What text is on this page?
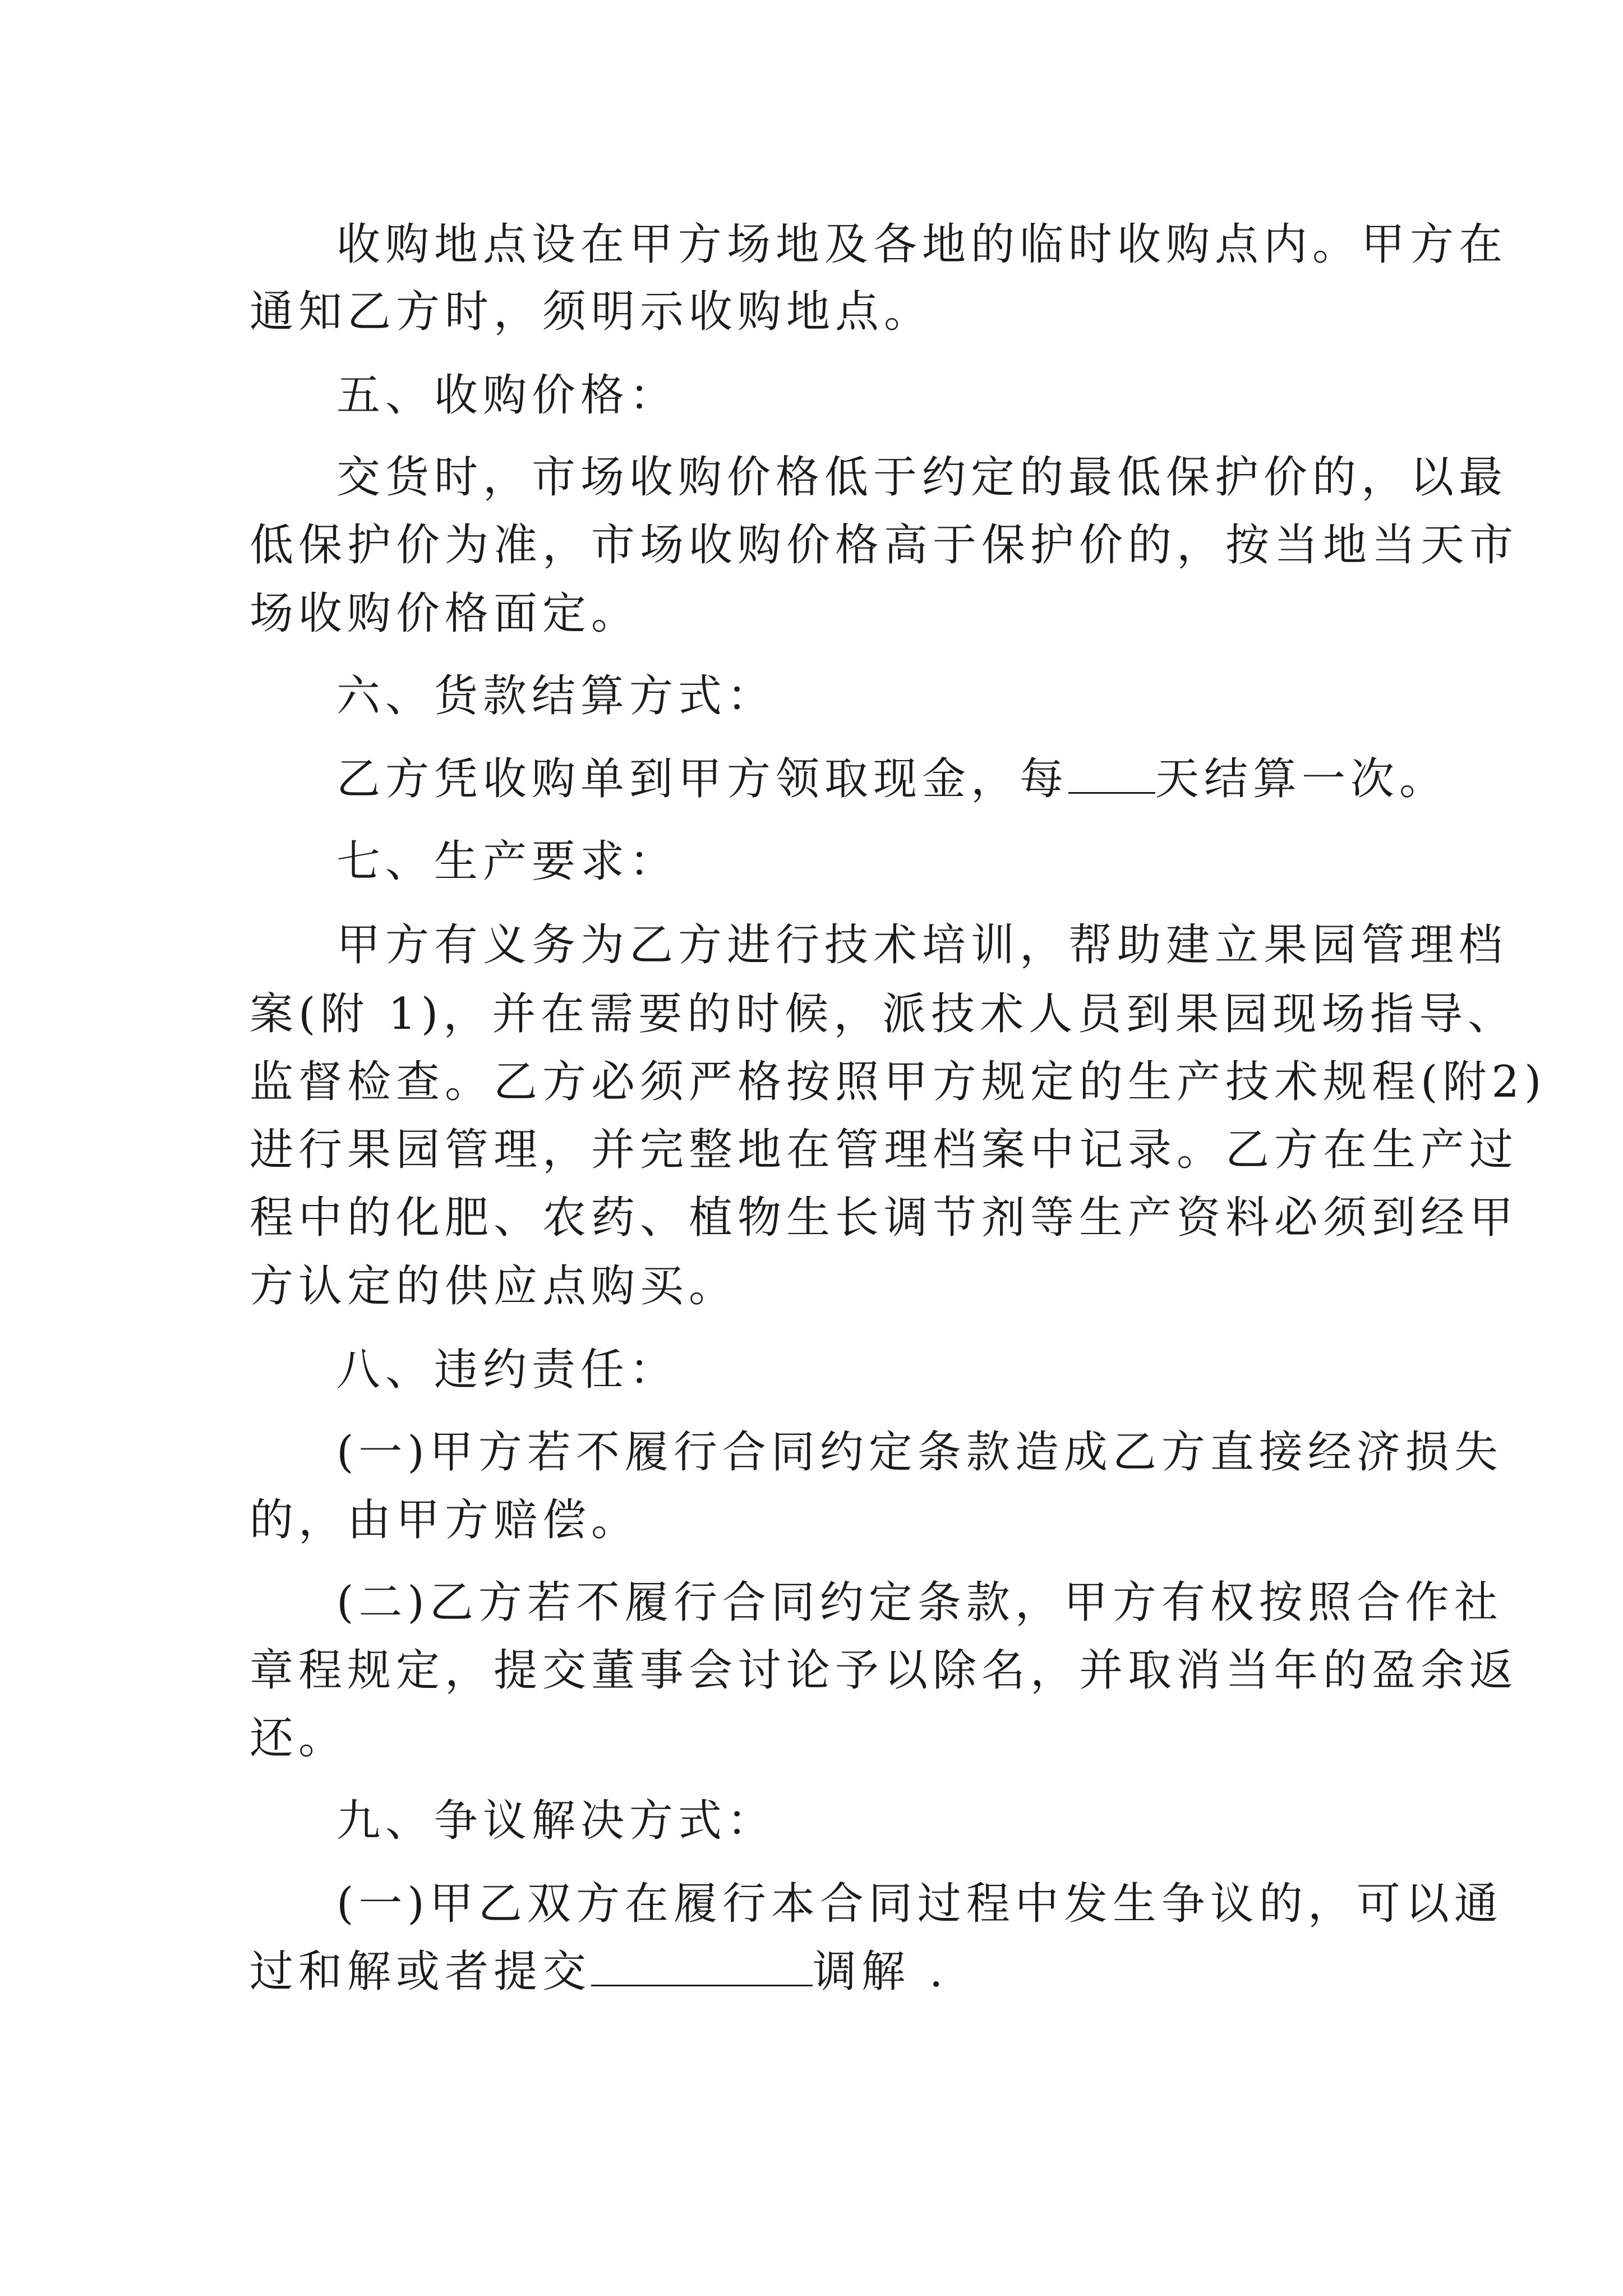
收购地点设在甲方场地及各地的临时收购点内。甲方在
通知乙方时，须明示收购地点。
五、收购价格：
交货时，市场收购价格低于约定的最低保护价的，以最
低保护价为准，市场收购价格高于保护价的，按当地当天市
场收购价格面定。
六、货款结算方式：
乙方凭收购单到甲方领取现金，每 天结算一次。
七、生产要求：
甲方有义务为乙方进行技术培训，帮助建立果园管理档
案(附 1)，并在需要的时候，派技术人员到果园现场指导、
监督检查。乙方必须严格按照甲方规定的生产技术规程(附2)
进行果园管理，并完整地在管理档案中记录。乙方在生产过
程中的化肥、农药、植物生长调节剂等生产资料必须到经甲
方认定的供应点购买。
八、违约责任：
(一)甲方若不履行合同约定条款造成乙方直接经济损失
的，由甲方赔偿。
(二)乙方若不履行合同约定条款，甲方有权按照合作社
章程规定，提交董事会讨论予以除名，并取消当年的盈余返
还。
九、争议解决方式：
(一)甲乙双方在履行本合同过程中发生争议的，可以通
过和解或者提交	调解 .
